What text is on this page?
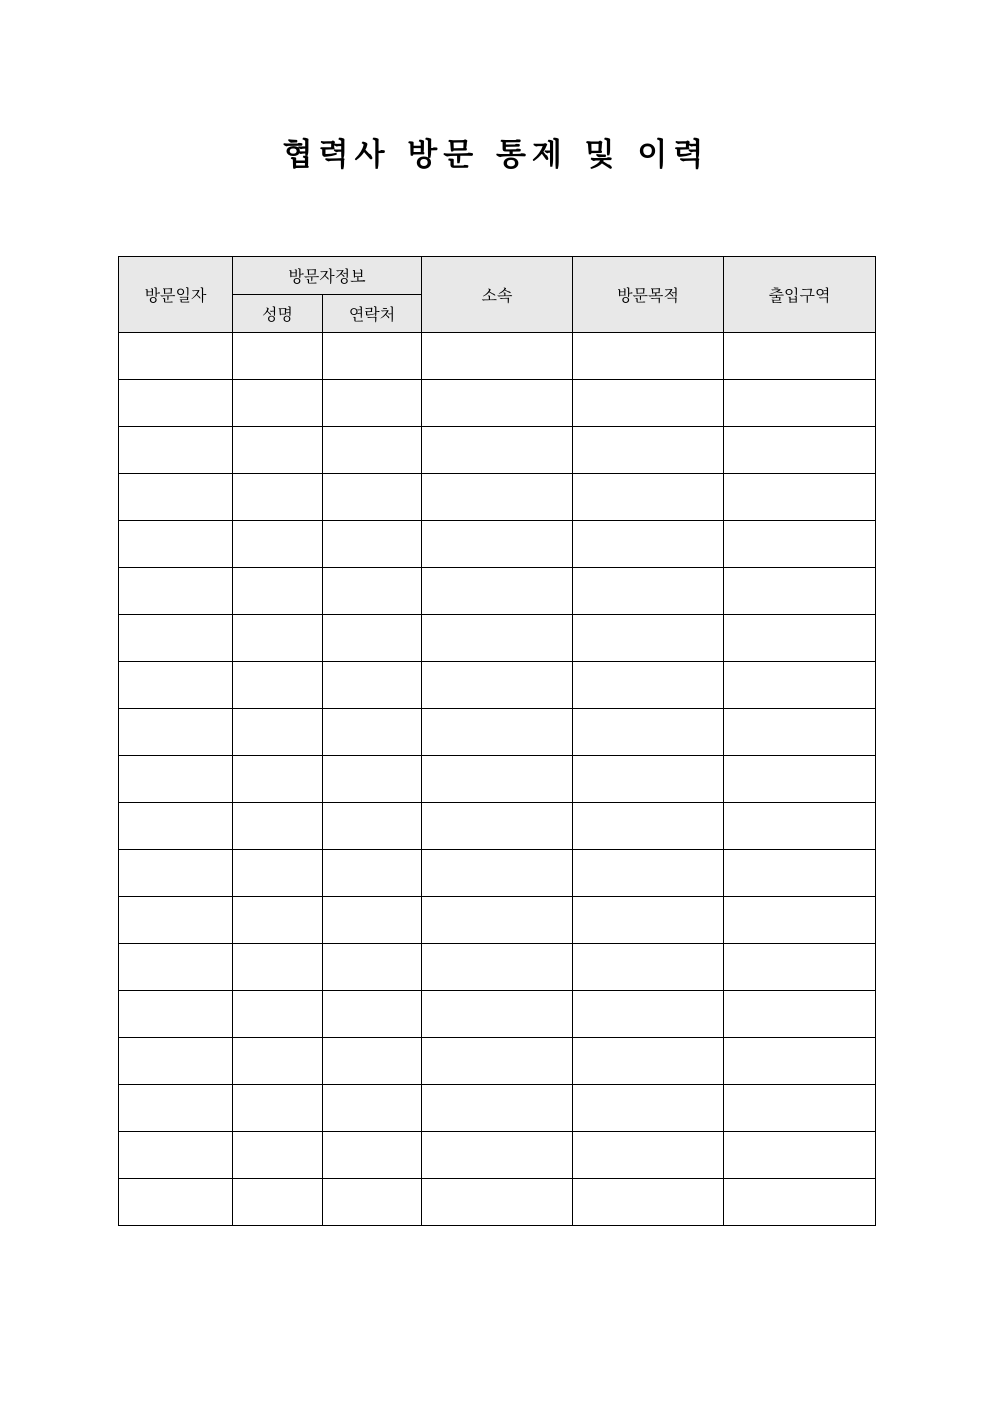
협력사 방문 통제 및 이력
방문일자	방문자정보		소속	방문목적	출입구역
	성명	연락처			
